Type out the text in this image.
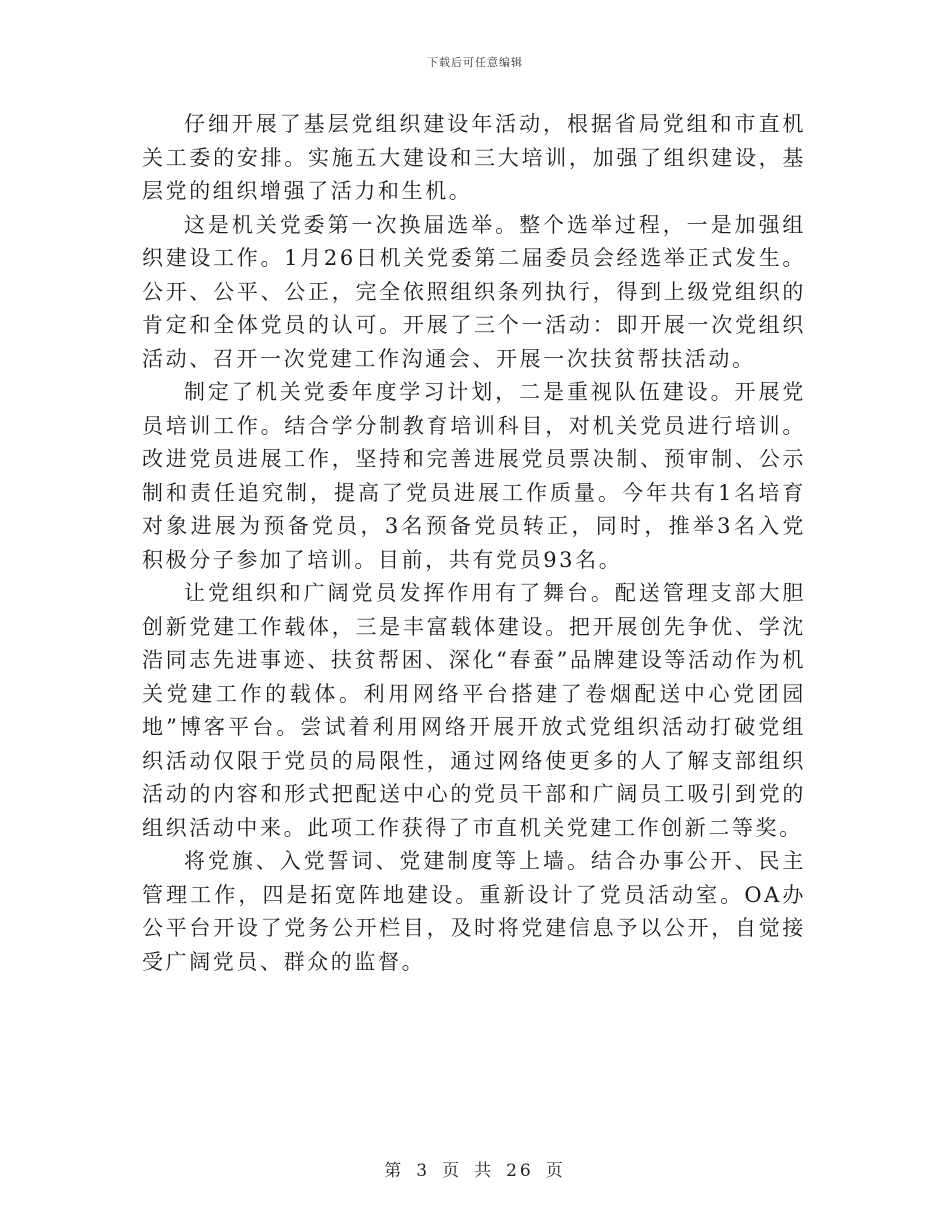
下载后可任意编辑

仔细开展了基层党组织建设年活动，根据省局党组和市直机关工委的安排。实施五大建设和三大培训，加强了组织建设，基层党的组织增强了活力和生机。

这是机关党委第一次换届选举。整个选举过程，一是加强组织建设工作。1月26日机关党委第二届委员会经选举正式发生。公开、公平、公正，完全依照组织条列执行，得到上级党组织的肯定和全体党员的认可。开展了三个一活动：即开展一次党组织活动、召开一次党建工作沟通会、开展一次扶贫帮扶活动。

制定了机关党委年度学习计划，二是重视队伍建设。开展党员培训工作。结合学分制教育培训科目，对机关党员进行培训。改进党员进展工作，坚持和完善进展党员票决制、预审制、公示制和责任追究制，提高了党员进展工作质量。今年共有1名培育对象进展为预备党员，3名预备党员转正，同时，推举3名入党积极分子参加了培训。目前，共有党员93名。

让党组织和广阔党员发挥作用有了舞台。配送管理支部大胆创新党建工作载体，三是丰富载体建设。把开展创先争优、学沈浩同志先进事迹、扶贫帮困、深化“春蚕”品牌建设等活动作为机关党建工作的载体。利用网络平台搭建了卷烟配送中心党团园地”博客平台。尝试着利用网络开展开放式党组织活动打破党组织活动仅限于党员的局限性，通过网络使更多的人了解支部组织活动的内容和形式把配送中心的党员干部和广阔员工吸引到党的组织活动中来。此项工作获得了市直机关党建工作创新二等奖。

将党旗、入党誓词、党建制度等上墙。结合办事公开、民主管理工作，四是拓宽阵地建设。重新设计了党员活动室。OA办公平台开设了党务公开栏目，及时将党建信息予以公开，自觉接受广阔党员、群众的监督。

第 3 页 共 26 页
